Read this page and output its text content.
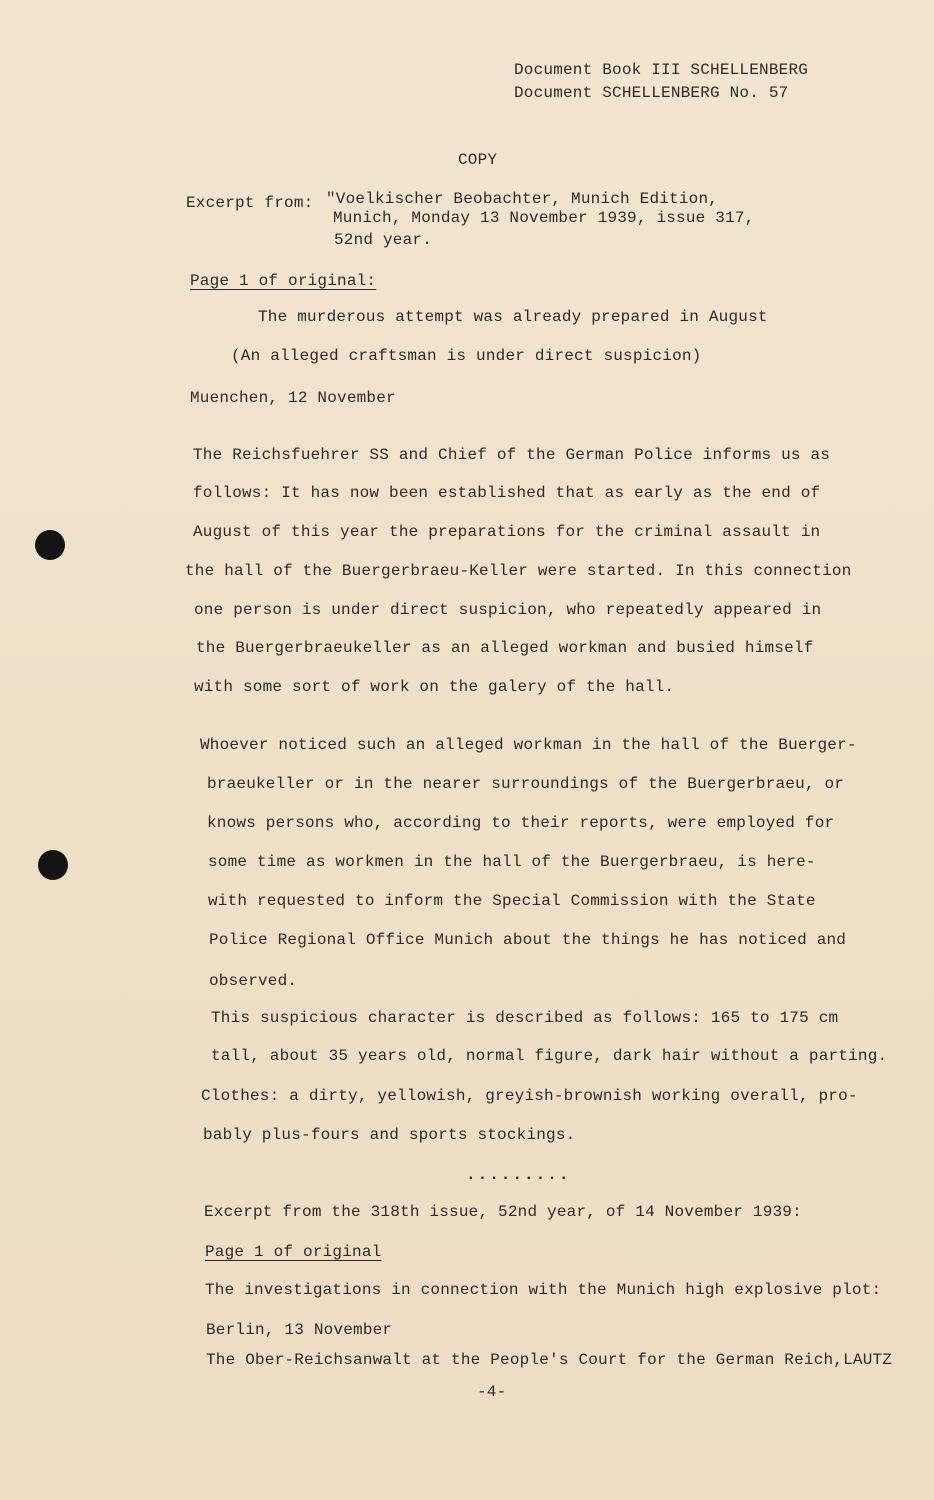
Document Book III SCHELLENBERG
Document SCHELLENBERG No. 57
COPY
Excerpt from: "Voelkischer Beobachter, Munich Edition,
Munich, Monday 13 November 1939, issue 317,
52nd year.
Page 1 of original:
The murderous attempt was already prepared in August
(An alleged craftsman is under direct suspicion)
Muenchen, 12 November
The Reichsfuehrer SS and Chief of the German Police informs us as
follows: It has now been established that as early as the end of
August of this year the preparations for the criminal assault in
the hall of the Buergerbraeu-Keller were started. In this connection
one person is under direct suspicion, who repeatedly appeared in
the Buergerbraeukeller as an alleged workman and busied himself
with some sort of work on the galery of the hall.
Whoever noticed such an alleged workman in the hall of the Buerger-
braeukeller or in the nearer surroundings of the Buergerbraeu, or
knows persons who, according to their reports, were employed for
some time as workmen in the hall of the Buergerbraeu, is here-
with requested to inform the Special Commission with the State
Police Regional Office Munich about the things he has noticed and
observed.
This suspicious character is described as follows: 165 to 175 cm
tall, about 35 years old, normal figure, dark hair without a parting.
Clothes: a dirty, yellowish, greyish-brownish working overall, pro-
bably plus-fours and sports stockings.
.........
Excerpt from the 318th issue, 52nd year, of 14 November 1939:
Page 1 of original
The investigations in connection with the Munich high explosive plot:
Berlin, 13 November
The Ober-Reichsanwalt at the People's Court for the German Reich,LAUTZ
-4-
